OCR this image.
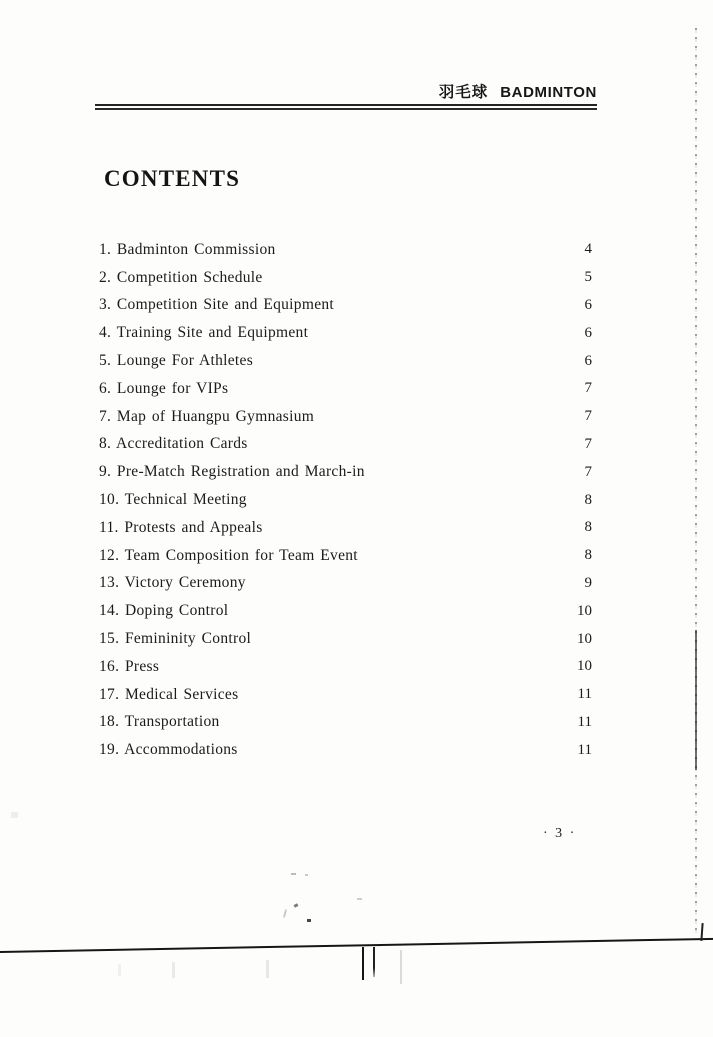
羽毛球 BADMINTON
CONTENTS
1. Badminton Commission	4
2. Competition Schedule	5
3. Competition Site and Equipment	6
4. Training Site and Equipment	6
5. Lounge For Athletes	6
6. Lounge for VIPs	7
7. Map of Huangpu Gymnasium	7
8. Accreditation Cards	7
9. Pre-Match Registration and March-in	7
10. Technical Meeting	8
11. Protests and Appeals	8
12. Team Composition for Team Event	8
13. Victory Ceremony	9
14. Doping Control	10
15. Femininity Control	10
16. Press	10
17. Medical Services	11
18. Transportation	11
19. Accommodations	11
· 3 ·
